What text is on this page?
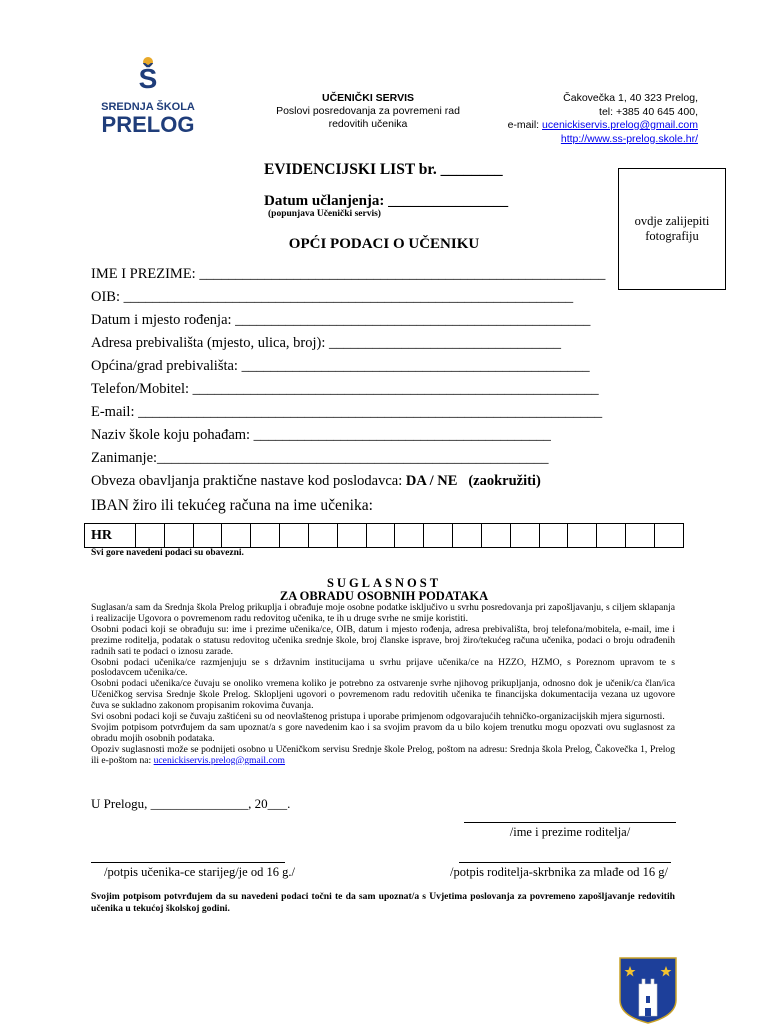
Š
SREDNJA ŠKOLA
PRELOG
UČENIČKI SERVIS
Poslovi posredovanja za povremeni rad
redovitih učenika
Čakovečka 1, 40 323 Prelog,
tel: +385 40 645 400,
e-mail: ucenickiservis.prelog@gmail.com
http://www.ss-prelog.skole.hr/
ovdje zalijepiti
fotografiju
EVIDENCIJSKI LIST br. ________
Datum učlanjenja: ________________
(popunjava Učenički servis)
OPĆI PODACI O UČENIKU
IME I PREZIME: ________________________________________________________
OIB: ______________________________________________________________
Datum i mjesto rođenja: _________________________________________________
Adresa prebivališta (mjesto, ulica, broj): ________________________________
Općina/grad prebivališta: ________________________________________________
Telefon/Mobitel: ________________________________________________________
E-mail: ________________________________________________________________
Naziv škole koju pohađam: _________________________________________
Zanimanje:______________________________________________________
Obveza obavljanja praktične nastave kod poslodavca: DA / NE (zaokružiti)
IBAN žiro ili tekućeg računa na ime učenika:
HR																			
Svi gore navedeni podaci su obavezni.
SUGLASNOST
ZA OBRADU OSOBNIH PODATAKA

Suglasan/a sam da Srednja škola Prelog prikuplja i obrađuje moje osobne podatke isključivo u svrhu posredovanja pri zapošljavanju, s ciljem sklapanja i realizacije Ugovora o povremenom radu redovitog učenika, te ih u druge svrhe ne smije koristiti.

Osobni podaci koji se obrađuju su: ime i prezime učenika/ce, OIB, datum i mjesto rođenja, adresa prebivališta, broj telefona/mobitela, e-mail, ime i prezime roditelja, podatak o statusu redovitog učenika srednje škole, broj članske isprave, broj žiro/tekućeg računa učenika, podaci o broju odrađenih radnih sati te podaci o iznosu zarade.

Osobni podaci učenika/ce razmjenjuju se s državnim institucijama u svrhu prijave učenika/ce na HZZO, HZMO, s Poreznom upravom te s poslodavcem učenika/ce.

Osobni podaci učenika/ce čuvaju se onoliko vremena koliko je potrebno za ostvarenje svrhe njihovog prikupljanja, odnosno dok je učenik/ca član/ica Učeničkog servisa Srednje škole Prelog. Sklopljeni ugovori o povremenom radu redovitih učenika te financijska dokumentacija vezana uz ugovore čuva se sukladno zakonom propisanim rokovima čuvanja.

Svi osobni podaci koji se čuvaju zaštićeni su od neovlaštenog pristupa i uporabe primjenom odgovarajućih tehničko-organizacijskih mjera sigurnosti.

Svojim potpisom potvrđujem da sam upoznat/a s gore navedenim kao i sa svojim pravom da u bilo kojem trenutku mogu opozvati ovu suglasnost za obradu mojih osobnih podataka.

Opoziv suglasnosti može se podnijeti osobno u Učeničkom servisu Srednje škole Prelog, poštom na adresu: Srednja škola Prelog, Čakovečka 1, Prelog ili e-poštom na: ucenickiservis.prelog@gmail.com

U Prelogu, _______________, 20___.
/ime i prezime roditelja/
/potpis učenika-ce starijeg/je od 16 g./	/potpis roditelja-skrbnika za mlađe od 16 g/
Svojim potpisom potvrđujem da su navedeni podaci točni te da sam upoznat/a s Uvjetima poslovanja za povremeno zapošljavanje redovitih učenika u tekućoj školskoj godini.
